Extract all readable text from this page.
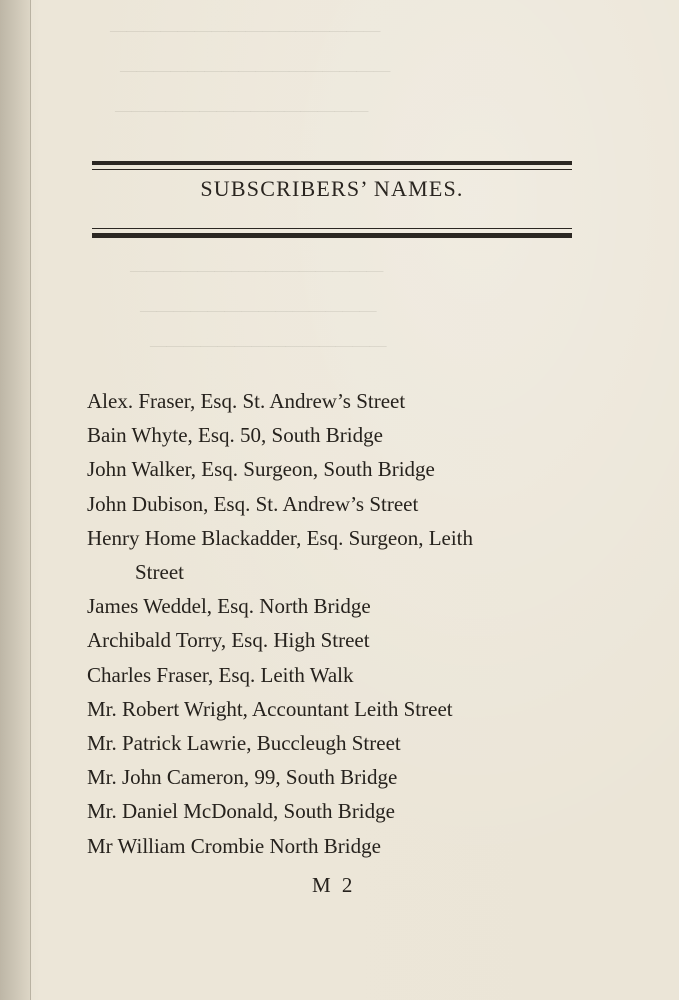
————————————————
————————————————
———————————————
———————————————
——————————————
——————————————
SUBSCRIBERS’ NAMES.
Alex. Fraser, Esq. St. Andrew’s Street
Bain Whyte, Esq. 50, South Bridge
John Walker, Esq. Surgeon, South Bridge
John Dubison, Esq. St. Andrew’s Street
Henry Home Blackadder, Esq. Surgeon, Leith
Street
James Weddel, Esq. North Bridge
Archibald Torry, Esq. High Street
Charles Fraser, Esq. Leith Walk
Mr. Robert Wright, Accountant Leith Street
Mr. Patrick Lawrie, Buccleugh Street
Mr. John Cameron, 99, South Bridge
Mr. Daniel McDonald, South Bridge
Mr William Crombie North Bridge
M 2
